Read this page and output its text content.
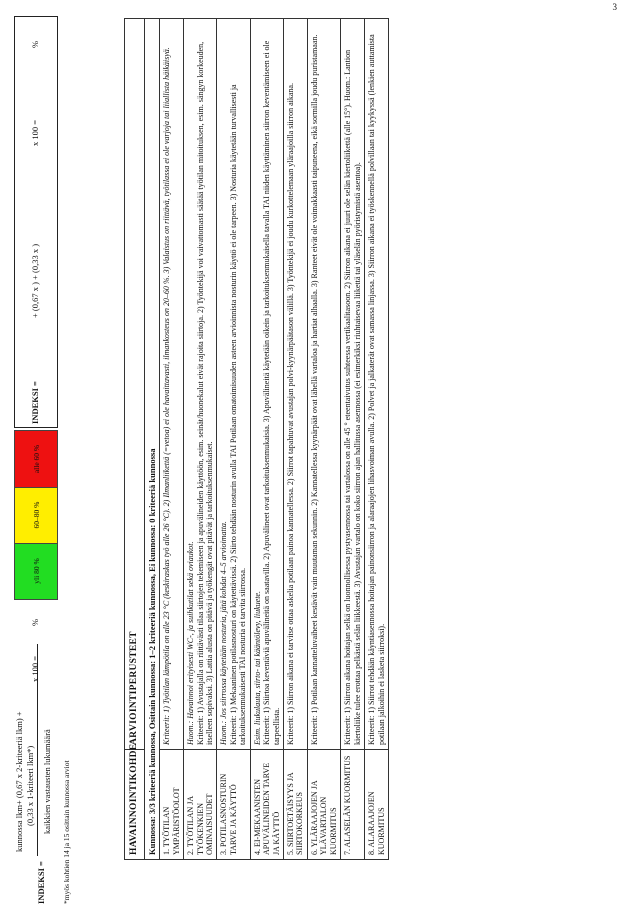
3
INDEKSI =
kunnossa lkm+ (0,67 x 2-kriteeriä lkm) + (0,33 x 1-kriteeri lkm*) kaikkien vastausten lukumäärä
x 100 =
%
*myös kohtien 14 ja 15 osittain kunnossa arviot
yli 80 %
60–80 %
alle 60 %
INDEKSI =
+ (0,67 x ) + (0,33 x )
x 100 =
%
HAVAINNOINTIKOHDE	ARVIOINTIPERUSTEET
Kunnossa: 3/3 kriteeriä kunnossa, Osittain kunnossa: 1–2 kriteeriä kunnossa, Ei kunnossa: 0 kriteeriä kunnossa	
1. TYÖTILAN YMPÄRISTÖOLOT	Kriteerit: 1) Työtilan lämpötila on alle 23 °C (keskiraskas työ alle 26 °C). 2) Ilmanliikettä (=vetoa) ei ole havaittavasti, ilmankosteus on 20–60 %. 3) Valaistus on riittävä, työtilassa ei ole varjoja tai liiallista häikäisyä.
2. TYÖTILAN JA TYÖKENKIEN OMINAISUUDET	Huom.: Havainnoi erityisesti WC-, ja suihkutilat sekä oviaukot. Kriteerit: 1) Avustajalla on riittävästi tilaa siirtojen tekemiseen ja apuvälineiden käyttöön, esim. seinät/huonekalut eivät rajoita siirtoja. 2) Työntekijä voi vaivattomasti säätää työtilan mitoituksen, esim. sängyn korkeuden, itselleen sopivaksi. 3) Lattia alusta on pitävä ja työkengät ovat pitävät ja tarkoituksenmukaiset.
3. POTILASNOSTURIN TARVE JA KÄYTTÖ	Huom.: Jos siirrossa käytetään nosturia, jätä kohdat 4–5 arvioimatta. Kriteerit: 1) Mekaaninen potilasnosturi on käytettävissä. 2) Siirto tehdään nosturin avulla TAI Potilaan omatoimisuuden asteen arvioinnista nosturin käyttö ei ole tarpeen. 3) Nosturia käytetään turvallisesti ja tarkoituksenmukaisesti TAI nosturia ei tarvita siirrossa.
4. EI-MEKAANISTEN APUVÄLINEIDEN TARVE JA KÄYTTÖ	Esim. liukulauta, siirto- tai kääntölevy, liukuete. Kriteerit: 1) Siirtoa keventäviä apuvälineitä on saatavilla. 2) Apuvälineet ovat tarkoituksenmukaisia. 3) Apuvälineitä käytetään oikein ja tarkoituksenmukaisella tavalla TAI niiden käyttäminen siirron keventämiseen ei ole tarpeellista.
5. SIIRTOETÄISYYS JA SIIRTOKORKEUS	Kriteerit: 1) Siirron aikana ei tarvitse ottaa askelia potilaan painoa kannatellessa. 2) Siirrot tapahtuvat avustajan polvi-kyynärpäätason välillä. 3) Työntekijä ei joudu kurkottelemaan yläraajoilla siirron aikana.
6. YLÄRAAJOJEN JA YLÄVARTALON KUORMITUS	Kriteerit: 1) Potilaan kannatteluvaiheet kestävät vain muutaman sekunnin. 2) Kannatellessa kyynärpäät ovat lähellä vartaloa ja hartiat alhaalla. 3) Ranteet eivät ole voimakkaasti taipuneena, eikä sormilla joudu puristamaan.
7. ALASELÄN KUORMITUS	Kriteerit: 1) Siirron aikana hoitajan selkä on luonnollisessa pystyasennossa tai vartalossa on alle 45 ° eteentaivutus suhteessa vertikaalitasoon. 2) Siirron aikana ei juuri ole selän kiertoliikettä (alle 15°). Huom.: Lantion kiertoliike tulee erottaa pelkästä selän liikkeestä. 3) Avustajan vartalo on koko siirron ajan hallitussa asennossa (ei esimerkiksi riuhtaisevaa liikettä tai yläselän pyöristymistä asentoa).
8. ALARAAJOJEN KUORMITUS	Kriteerit: 1) Siirrot tehdään käyntiasennossa hoitajan painonsiirron ja alaraajojen lihasvoiman avulla. 2) Polvet ja jalkaterät ovat samassa linjassa. 3) Siirron aikana ei työskennellä polvillaan tai kyykyssä (lenkien auttamista potilaan jalkoihin ei lasketa siirroksi).
